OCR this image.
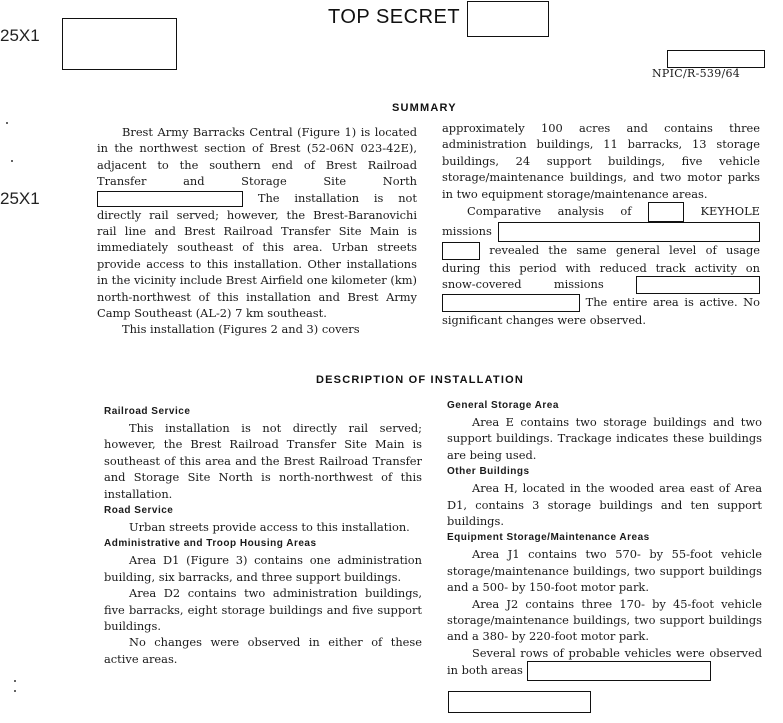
25X1
TOP SECRET
NPIC/R-539/64
25X1
SUMMARY

Brest Army Barracks Central (Figure 1) is located in the northwest section of Brest (52-06N 023-42E), adjacent to the southern end of Brest Railroad Transfer and Storage Site North  The installation is not directly rail served; however, the Brest-Baranovichi rail line and Brest Railroad Transfer Site Main is immediately southeast of this area. Urban streets provide access to this installation. Other installations in the vicinity include Brest Airfield one kilometer (km) north-northwest of this installation and Brest Army Camp Southeast (AL-2) 7 km southeast.

This installation (Figures 2 and 3) covers

approximately 100 acres and contains three administration buildings, 11 barracks, 13 storage buildings, 24 support buildings, five vehicle storage/maintenance buildings, and two motor parks in two equipment storage/maintenance areas.

Comparative analysis of	KEYHOLE missions   revealed the same general level of usage during this period with reduced track activity on snow-covered missions   The entire area is active. No significant changes were observed.

DESCRIPTION OF INSTALLATION
Railroad Service

This installation is not directly rail served; however, the Brest Railroad Transfer Site Main is southeast of this area and the Brest Railroad Transfer and Storage Site North is north-northwest of this installation.

Road Service

Urban streets provide access to this installation.

Administrative and Troop Housing Areas

Area D1 (Figure 3) contains one administration building, six barracks, and three support buildings.

Area D2 contains two administration buildings, five barracks, eight storage buildings and five support buildings.

No changes were observed in either of these active areas.

General Storage Area

Area E contains two storage buildings and two support buildings. Trackage indicates these buildings are being used.

Other Buildings

Area H, located in the wooded area east of Area D1, contains 3 storage buildings and ten support buildings.

Equipment Storage/Maintenance Areas

Area J1 contains two 570- by 55-foot vehicle storage/maintenance buildings, two support buildings and a 500- by 150-foot motor park.

Area J2 contains three 170- by 45-foot vehicle storage/maintenance buildings, two support buildings and a 380- by 220-foot motor park.

Several rows of probable vehicles were observed in both areas
